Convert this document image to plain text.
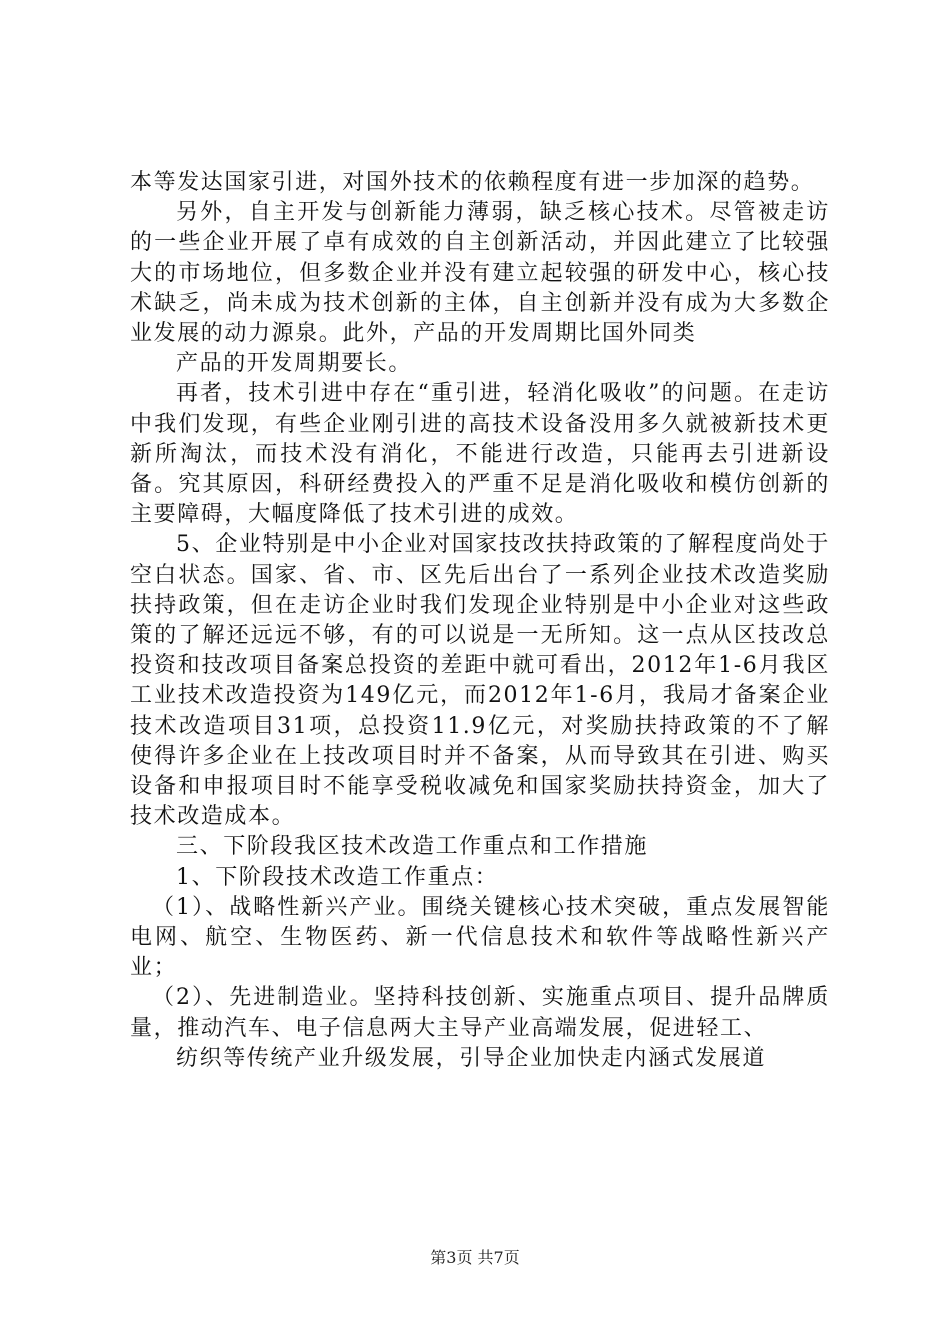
本等发达国家引进，对国外技术的依赖程度有进一步加深的趋势。

另外，自主开发与创新能力薄弱，缺乏核心技术。尽管被走访的一些企业开展了卓有成效的自主创新活动，并因此建立了比较强大的市场地位，但多数企业并没有建立起较强的研发中心，核心技术缺乏，尚未成为技术创新的主体，自主创新并没有成为大多数企业发展的动力源泉。此外，产品的开发周期比国外同类

产品的开发周期要长。

再者，技术引进中存在“重引进，轻消化吸收”的问题。在走访中我们发现，有些企业刚引进的高技术设备没用多久就被新技术更新所淘汰，而技术没有消化，不能进行改造，只能再去引进新设备。究其原因，科研经费投入的严重不足是消化吸收和模仿创新的主要障碍，大幅度降低了技术引进的成效。

5、企业特别是中小企业对国家技改扶持政策的了解程度尚处于空白状态。国家、省、市、区先后出台了一系列企业技术改造奖励扶持政策，但在走访企业时我们发现企业特别是中小企业对这些政策的了解还远远不够，有的可以说是一无所知。这一点从区技改总投资和技改项目备案总投资的差距中就可看出，2012年1-6月我区工业技术改造投资为149亿元，而2012年1-6月，我局才备案企业技术改造项目31项，总投资11.9亿元，对奖励扶持政策的不了解使得许多企业在上技改项目时并不备案，从而导致其在引进、购买设备和申报项目时不能享受税收减免和国家奖励扶持资金，加大了技术改造成本。

三、下阶段我区技术改造工作重点和工作措施

1、下阶段技术改造工作重点：

（1）、战略性新兴产业。围绕关键核心技术突破，重点发展智能电网、航空、生物医药、新一代信息技术和软件等战略性新兴产业；

（2）、先进制造业。坚持科技创新、实施重点项目、提升品牌质量，推动汽车、电子信息两大主导产业高端发展，促进轻工、

纺织等传统产业升级发展，引导企业加快走内涵式发展道

第3页 共7页
